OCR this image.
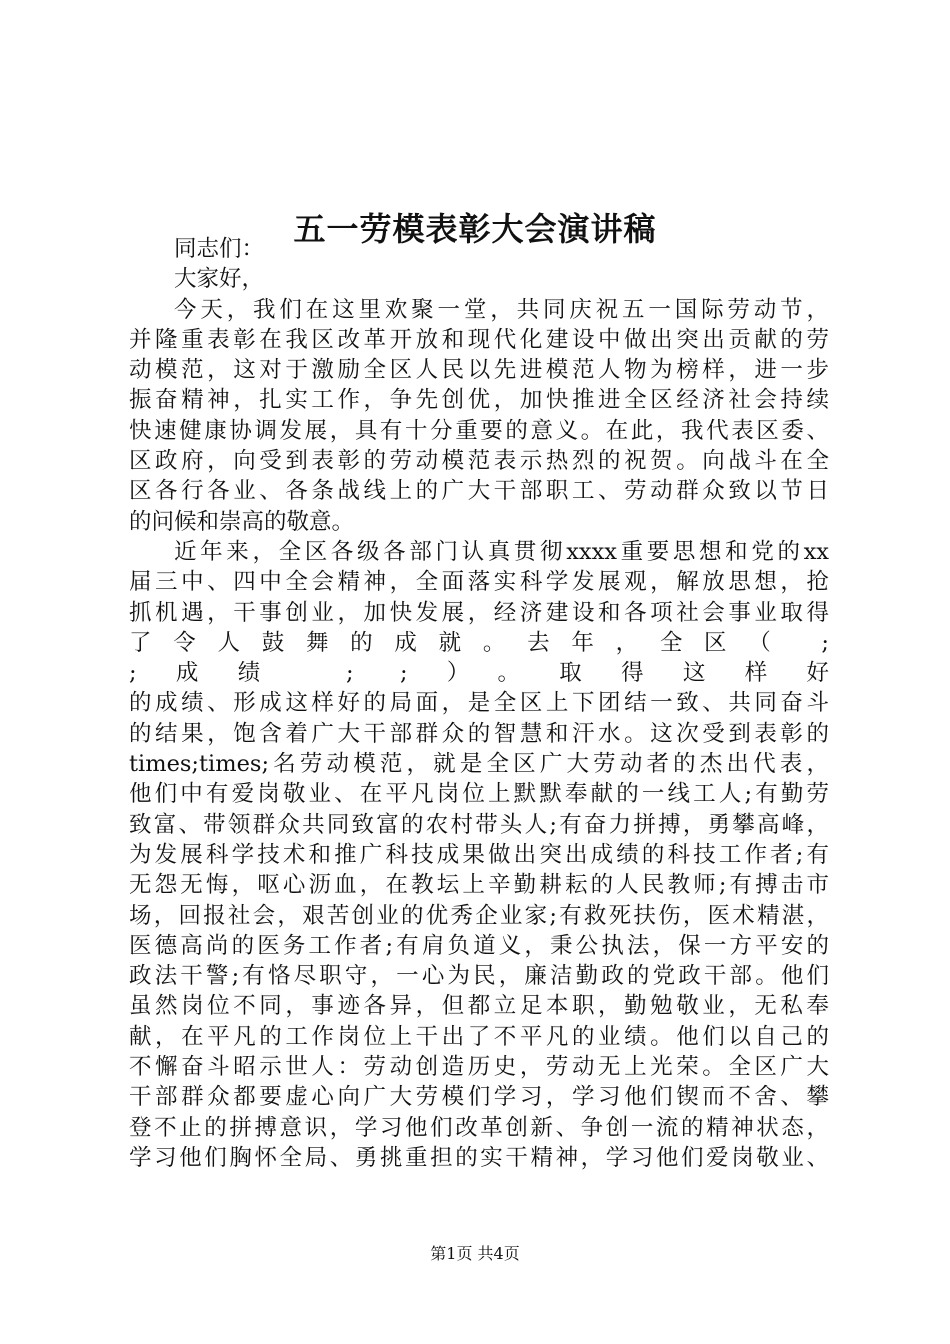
五一劳模表彰大会演讲稿
同志们：
大家好，
今天，我们在这里欢聚一堂，共同庆祝五一国际劳动节，
并隆重表彰在我区改革开放和现代化建设中做出突出贡献的劳
动模范，这对于激励全区人民以先进模范人物为榜样，进一步
振奋精神，扎实工作，争先创优，加快推进全区经济社会持续
快速健康协调发展，具有十分重要的意义。在此，我代表区委、
区政府，向受到表彰的劳动模范表示热烈的祝贺。向战斗在全
区各行各业、各条战线上的广大干部职工、劳动群众致以节日
的问候和崇高的敬意。
近年来，全区各级各部门认真贯彻xxxx重要思想和党的xx
届三中、四中全会精神，全面落实科学发展观，解放思想，抢
抓机遇，干事创业，加快发展，经济建设和各项社会事业取得
了令人鼓舞的成就。去年，全区（ ;
;成绩 ; ;）。取得这样好
的成绩、形成这样好的局面，是全区上下团结一致、共同奋斗
的结果，饱含着广大干部群众的智慧和汗水。这次受到表彰的
times;times;名劳动模范，就是全区广大劳动者的杰出代表，
他们中有爱岗敬业、在平凡岗位上默默奉献的一线工人;有勤劳
致富、带领群众共同致富的农村带头人;有奋力拼搏，勇攀高峰，
为发展科学技术和推广科技成果做出突出成绩的科技工作者;有
无怨无悔，呕心沥血，在教坛上辛勤耕耘的人民教师;有搏击市
场，回报社会，艰苦创业的优秀企业家;有救死扶伤，医术精湛，
医德高尚的医务工作者;有肩负道义，秉公执法，保一方平安的
政法干警;有恪尽职守，一心为民，廉洁勤政的党政干部。他们
虽然岗位不同，事迹各异，但都立足本职，勤勉敬业，无私奉
献，在平凡的工作岗位上干出了不平凡的业绩。他们以自己的
不懈奋斗昭示世人：劳动创造历史，劳动无上光荣。全区广大
干部群众都要虚心向广大劳模们学习，学习他们锲而不舍、攀
登不止的拼搏意识，学习他们改革创新、争创一流的精神状态，
学习他们胸怀全局、勇挑重担的实干精神，学习他们爱岗敬业、
第1页 共4页
